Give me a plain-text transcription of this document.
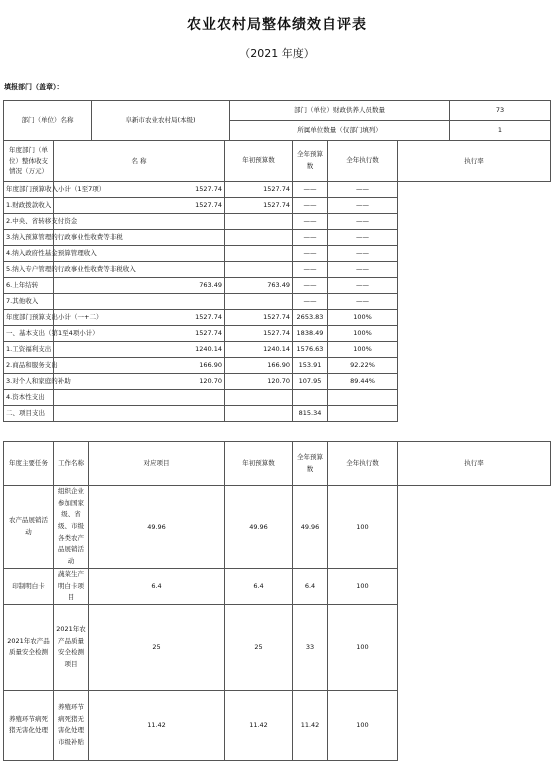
农业农村局整体绩效自评表
（2021 年度）
填报部门（盖章）：
部门（单位）名称	阜新市农业农村局(本级)	部门（单位）财政供养人员数量	73
		所属单位数量（仅部门填列）	1
年度部门（单位）整体收支情况（万元）	名 称	年初预算数	全年预算数	全年执行数	执行率
年度部门预算收入小计（1至7项）	1527.74	1527.74	——	——	
1.财政拨款收入	1527.74	1527.74	——	——	
2.中央、省转移支付资金			——	——	
3.纳入预算管理的行政事业性收费等非税			——	——	
4.纳入政府性基金预算管理收入			——	——	
5.纳入专户管理的行政事业性收费等非税收入			——	——	
6.上年结转	763.49	763.49	——	——	
7.其他收入			——	——	
年度部门预算支出小计（一+二）	1527.74	1527.74	2653.83	100%	
一、基本支出（第1至4项小计）	1527.74	1527.74	1838.49	100%	
1.工资福利支出	1240.14	1240.14	1576.63	100%	
2.商品和服务支出	166.90	166.90	153.91	92.22%	
3.对个人和家庭的补助	120.70	120.70	107.95	89.44%	
4.资本性支出					
二、项目支出			815.34		
年度主要任务	工作名称	对应项目	年初预算数	全年预算数	全年执行数	执行率
农产品展销活动	组织企业参加国家级、省级、市级各类农产品展销活动	49.96	49.96	49.96	100	
印制明白卡	蔬菜生产明白卡项目	6.4	6.4	6.4	100	
2021年农产品质量安全检测	2021年农产品质量安全检测项目	25	25	33	100	
养殖环节病死猪无害化处理	养殖环节病死猪无害化处理市级补贴	11.42	11.42	11.42	100	
